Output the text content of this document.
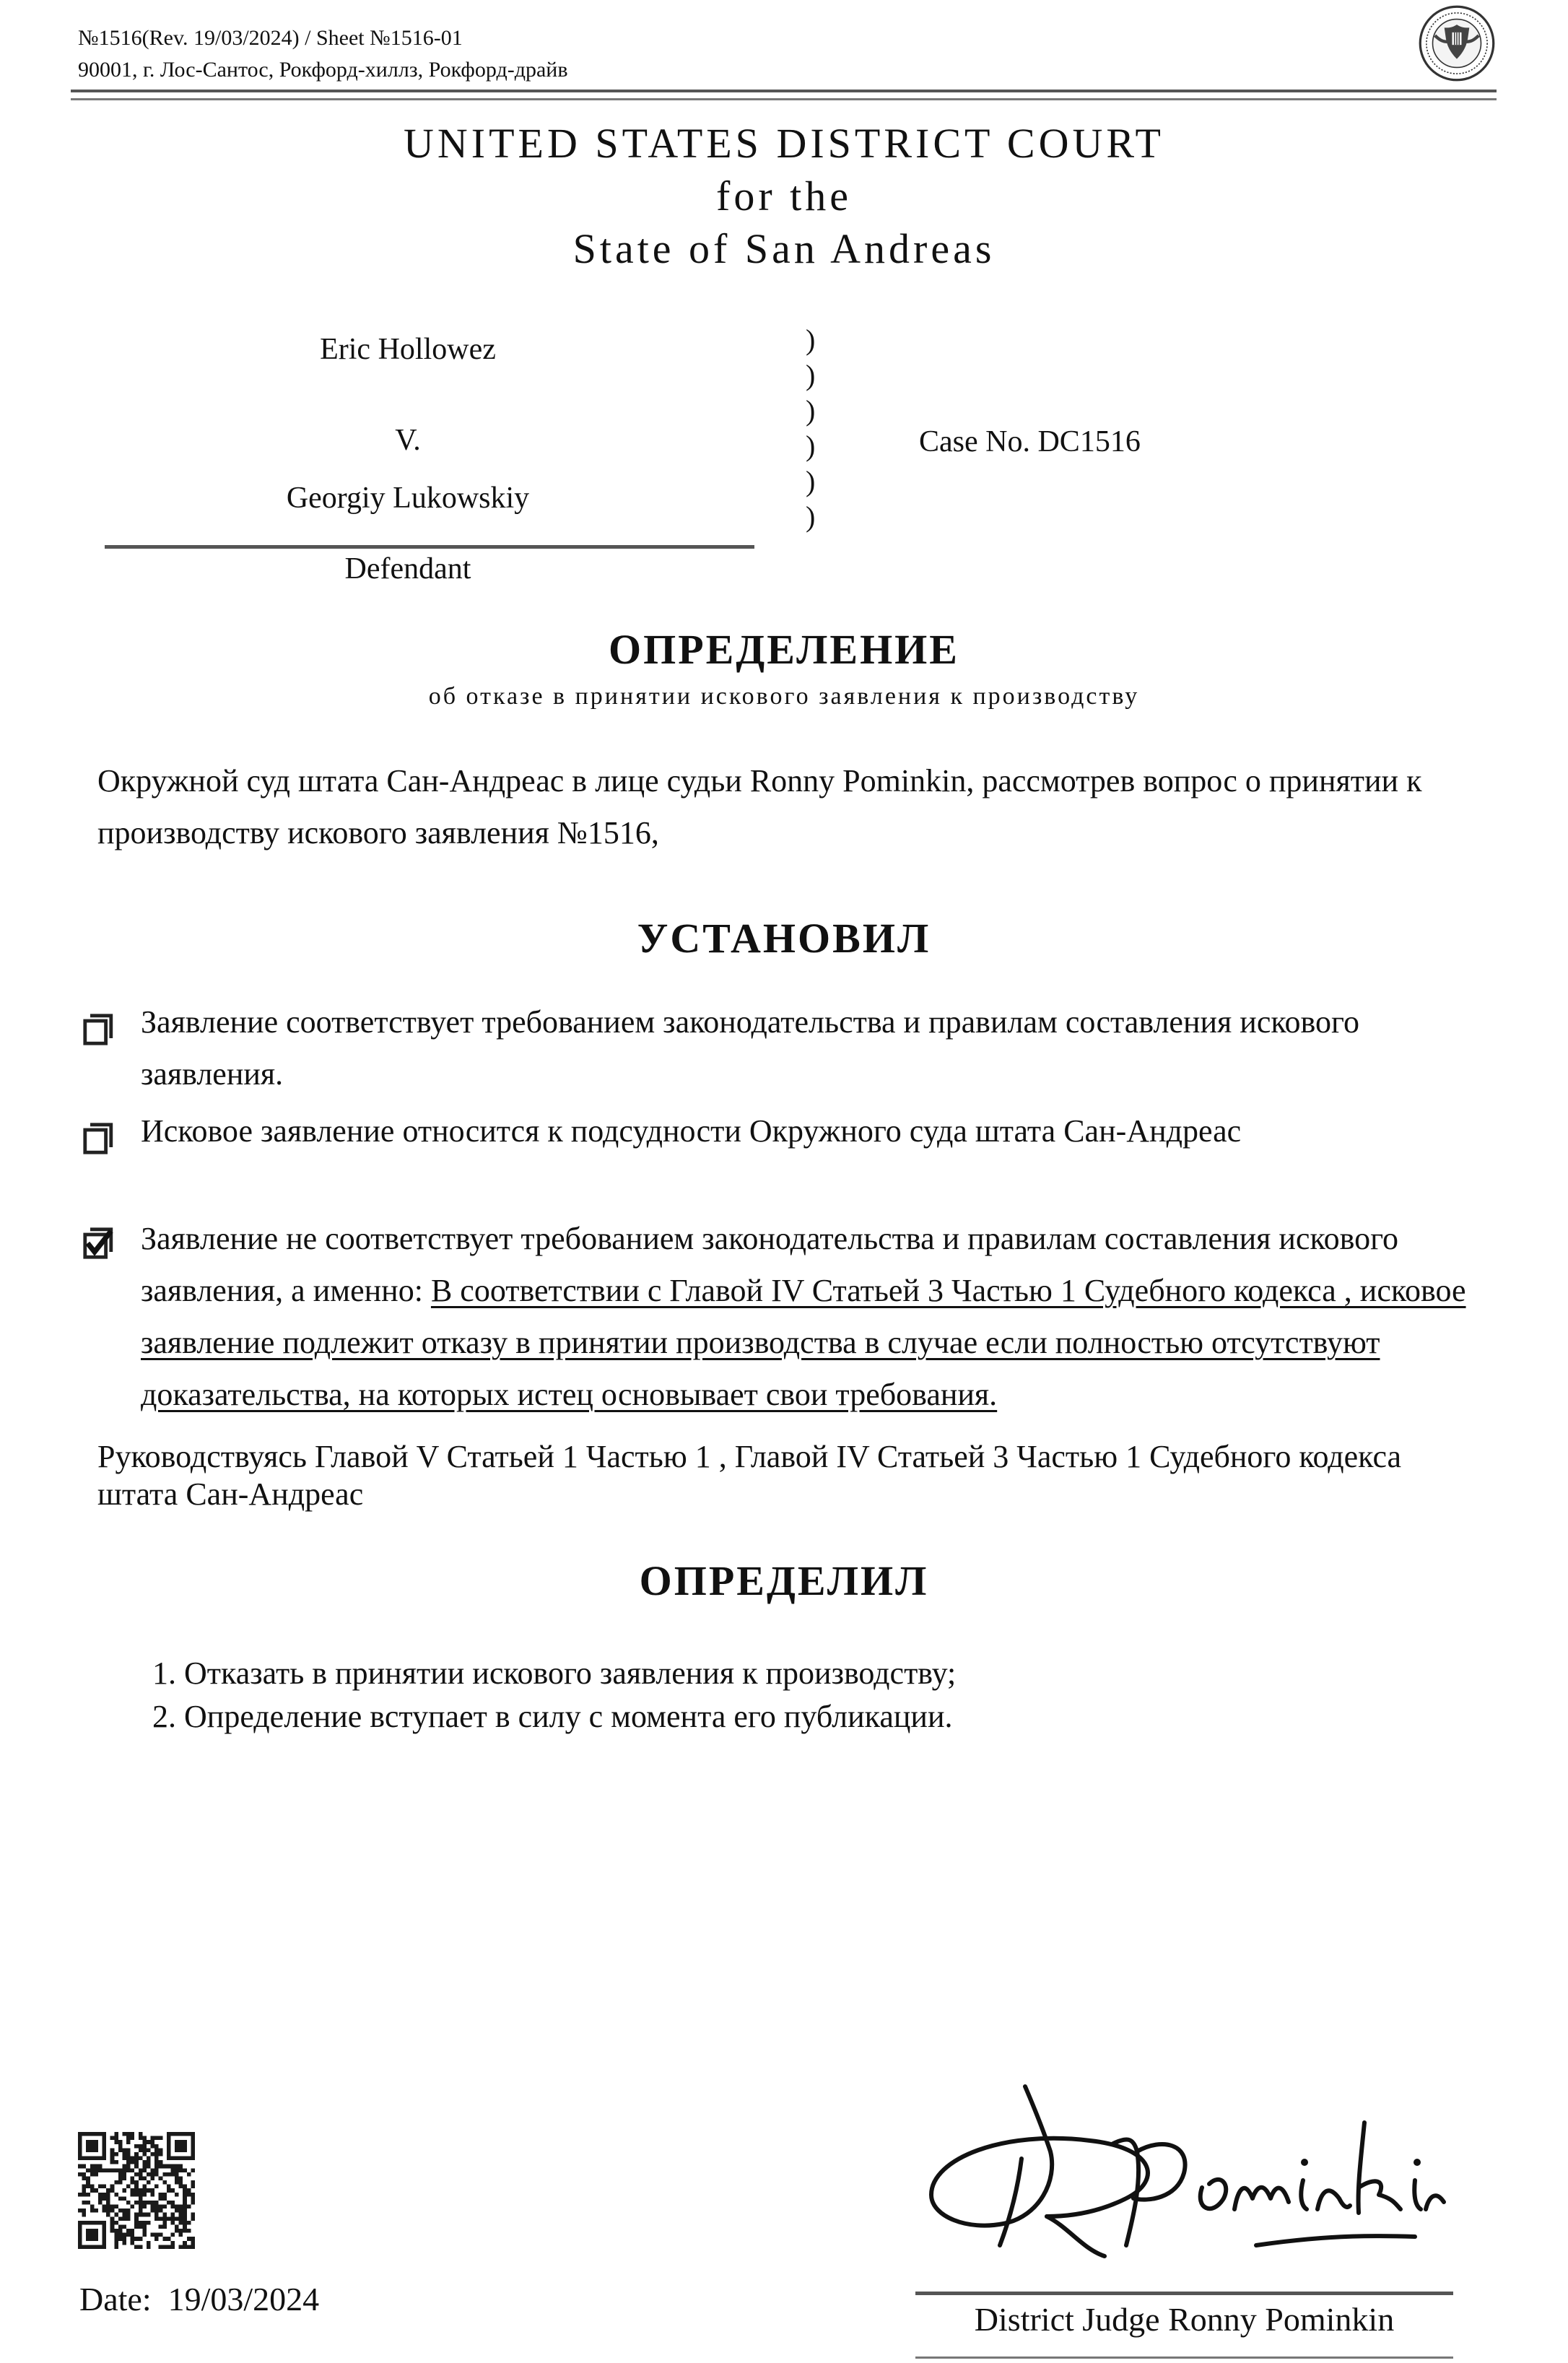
№1516(Rev. 19/03/2024) / Sheet №1516-01
90001, г. Лос-Сантос, Рокфорд-хиллз, Рокфорд-драйв
UNITED STATES DISTRICT COURT
for the
State of San Andreas
Eric Hollowez
V.
Georgiy Lukowskiy
Defendant
)
)
)
)
)
)
Case No. DC1516
ОПРЕДЕЛЕНИЕ
об отказе в принятии искового заявления к производству
Окружной суд штата Сан-Андреас в лице судьи Ronny Pominkin, рассмотрев вопрос о принятии к производству искового заявления №1516,
УСТАНОВИЛ
Заявление соответствует требованием законодательства и правилам составления искового заявления.
Исковое заявление относится к подсудности Окружного суда штата Сан-Андреас
Заявление не соответствует требованием законодательства и правилам составления искового заявления, а именно: В соответствии с Главой IV Статьей 3 Частью 1 Судебного кодекса , исковое заявление подлежит отказу в принятии производства в случае если полностью отсутствуют доказательства, на которых истец основывает свои требования.
Руководствуясь Главой V Статьей 1 Частью 1 , Главой IV Статьей 3 Частью 1 Судебного кодекса штата Сан-Андреас
ОПРЕДЕЛИЛ
1. Отказать в принятии искового заявления к производству;
2. Определение вступает в силу с момента его публикации.
Date: 19/03/2024
District Judge Ronny Pominkin
